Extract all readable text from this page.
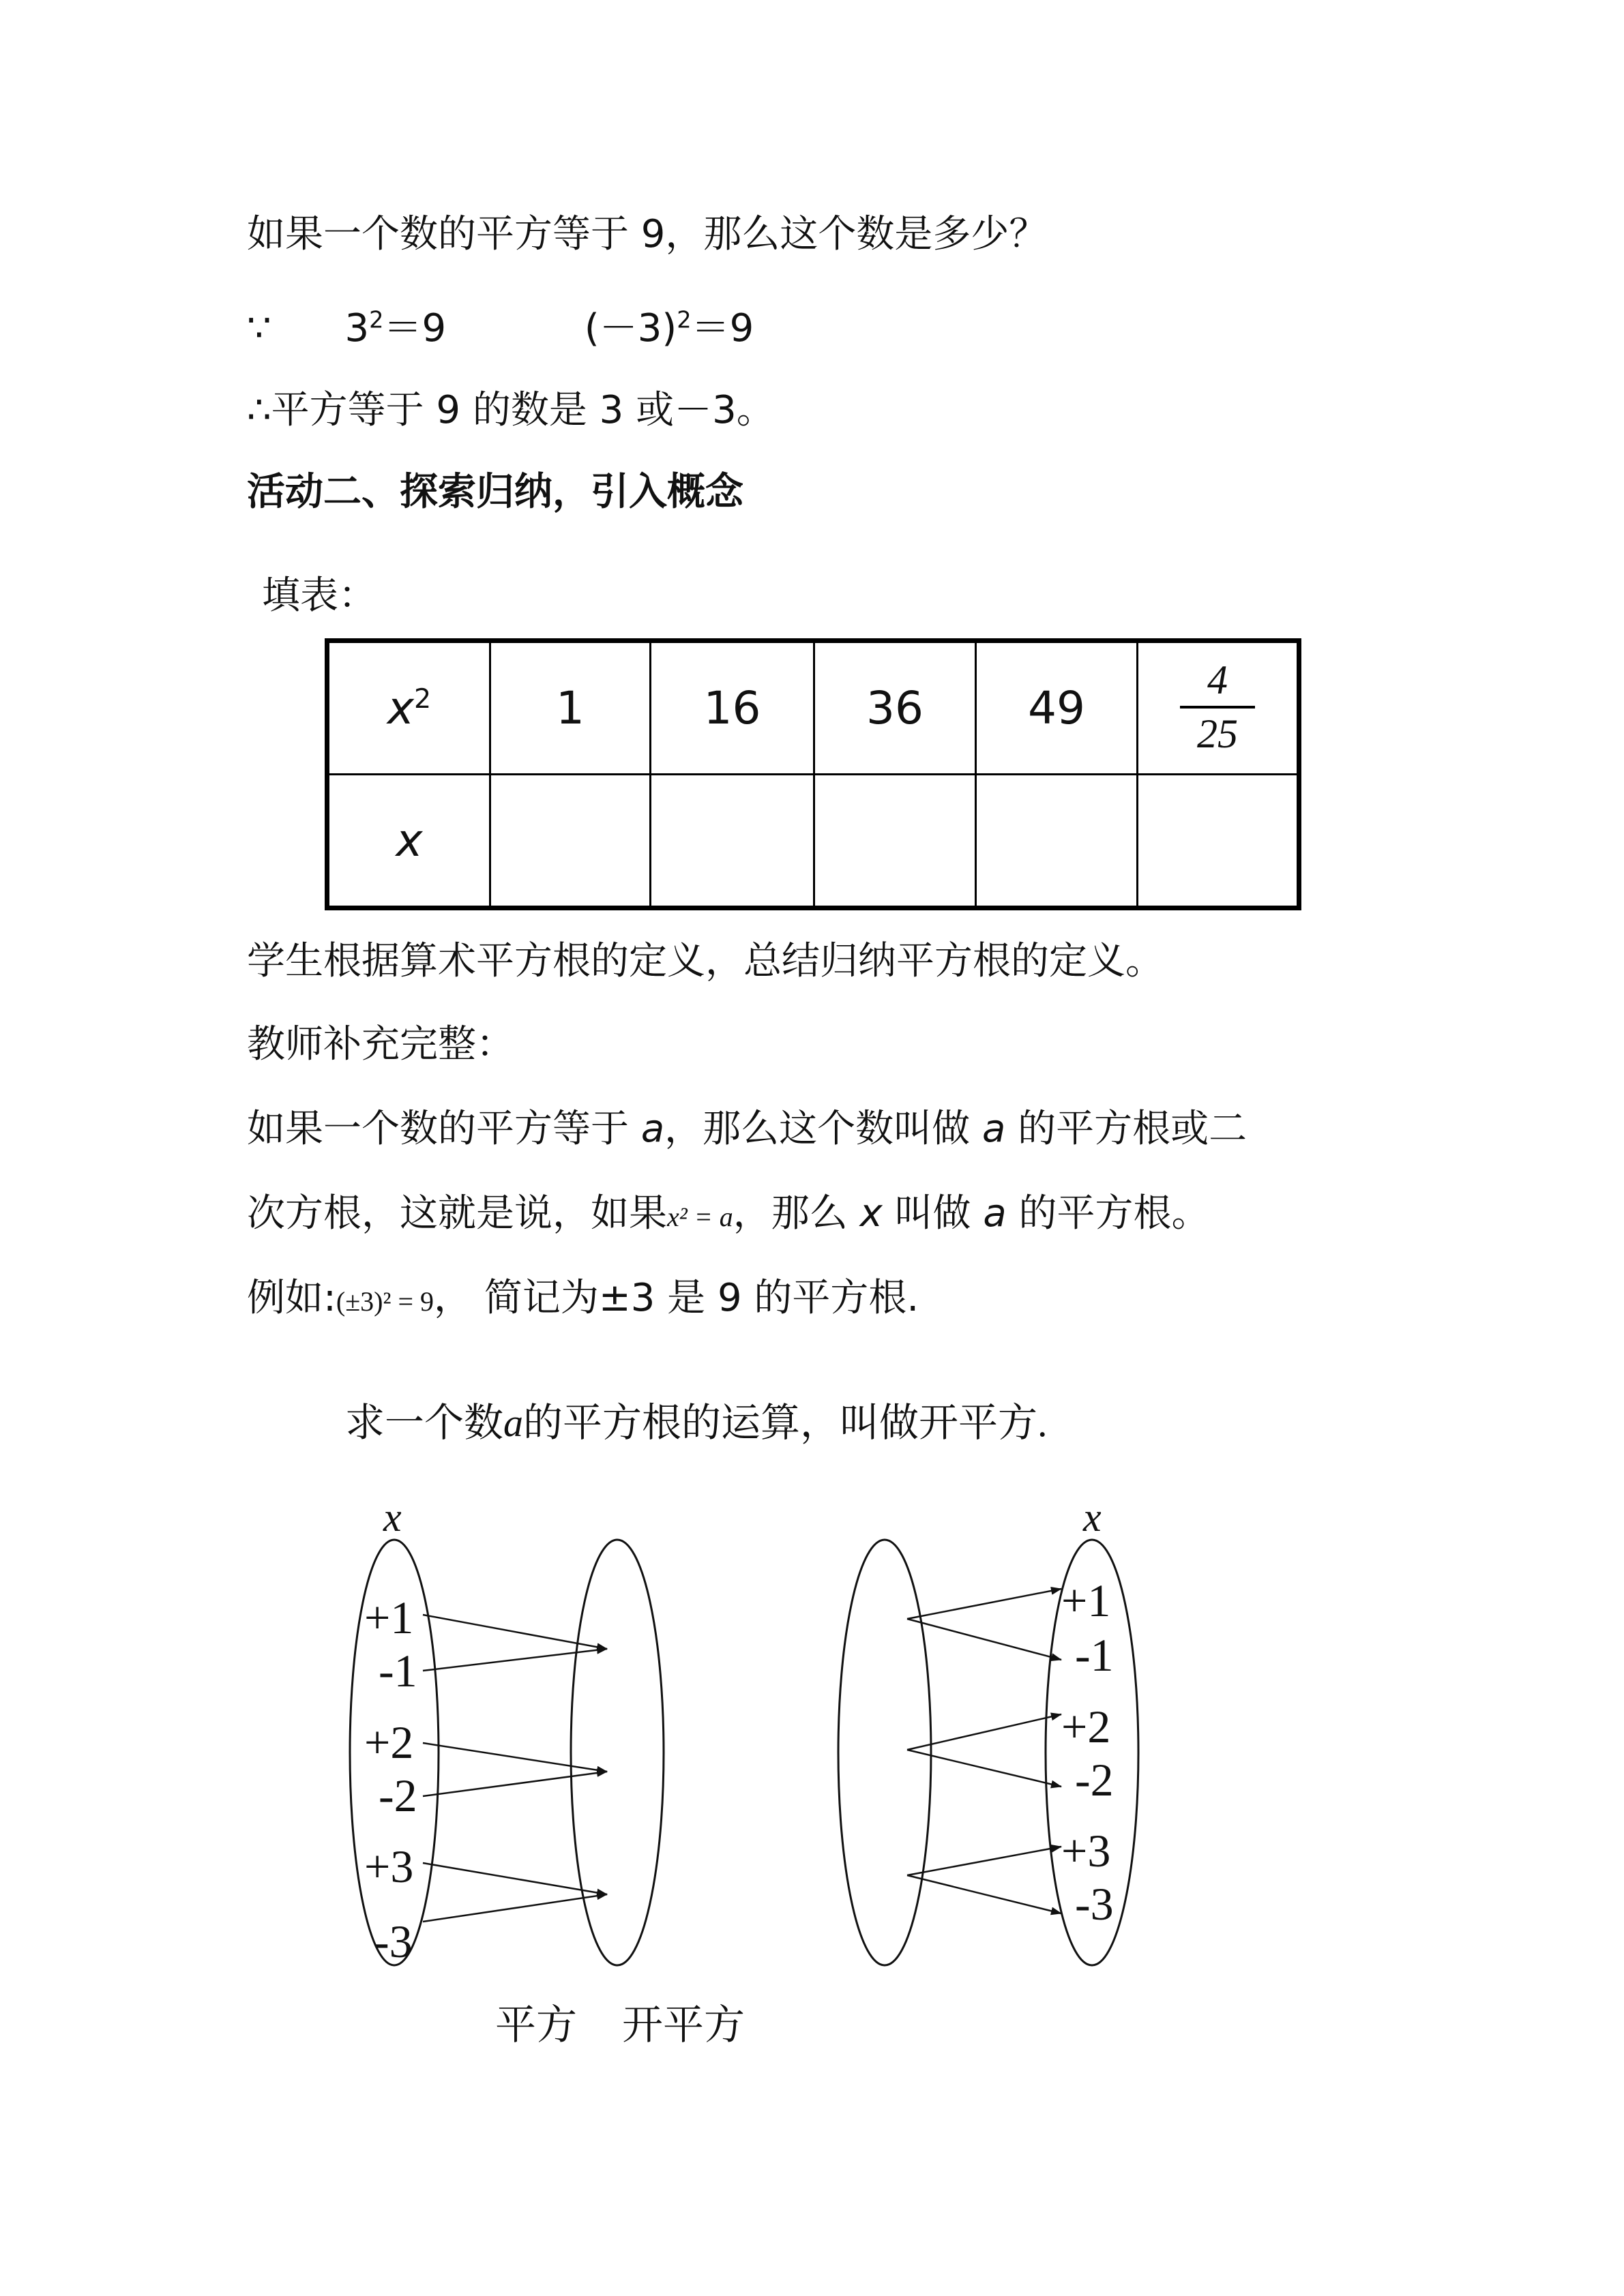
如果一个数的平方等于 9，那么这个数是多少？
∵ $3^2=9$	$(-3)^2=9$
∴平方等于 9 的数是 3 或－3。
活动二、探索归纳，引入概念
填表：
$x^2$	1	16	36	49	$\frac{4}{25}$

x					
学生根据算术平方根的定义，总结归纳平方根的定义。
教师补充完整：
如果一个数的平方等于 a，那么这个数叫做 a 的平方根或二
次方根，这就是说，如果x² = a，那么 x 叫做 a 的平方根。
例如:(±3)² = 9， 简记为±3 是 9 的平方根.
求一个数a的平方根的运算，叫做开平方.
x
+1
-1
+2
-2
+3
-3
x
+1
-1
+2
-2
+3
-3
平方 开平方
